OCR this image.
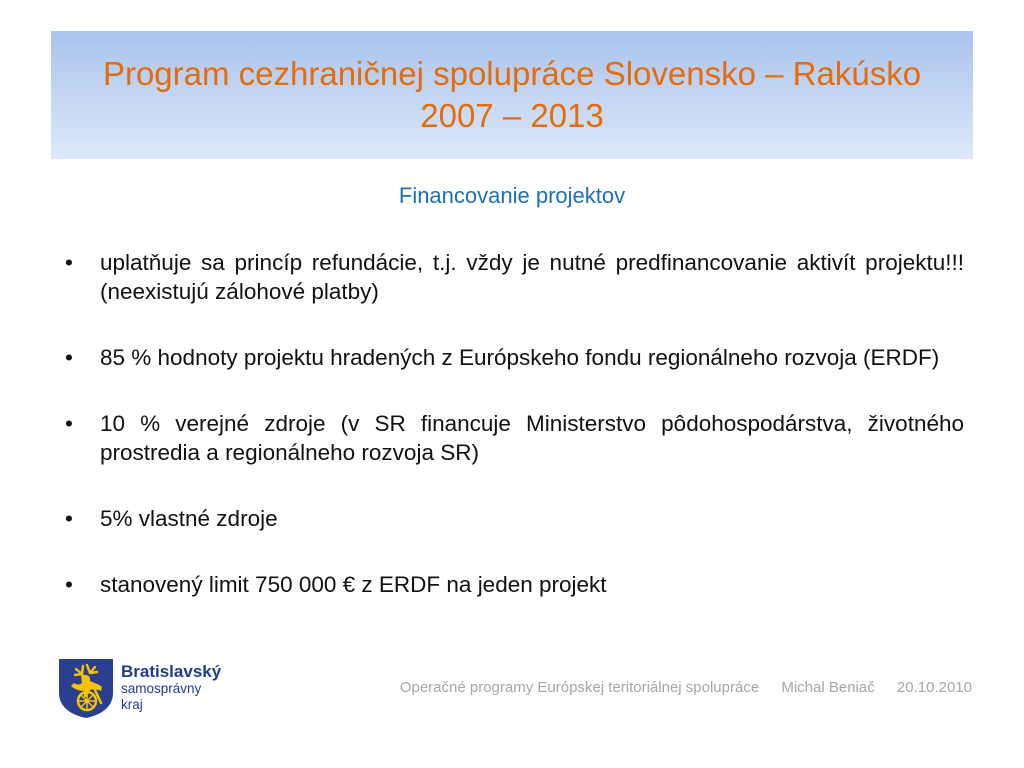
Program cezhraničnej spolupráce Slovensko – Rakúsko
2007 – 2013
Financovanie projektov
• uplatňuje sa princíp refundácie, t.j. vždy je nutné predfinancovanie aktivít projektu!!! (neexistujú zálohové platby)
• 85 % hodnoty projektu hradených z Európskeho fondu regionálneho rozvoja (ERDF)
• 10 % verejné zdroje (v SR financuje Ministerstvo pôdohospodárstva, životného prostredia a regionálneho rozvoja SR)
• 5% vlastné zdroje
• stanovený limit 750 000 € z ERDF na jeden projekt
Bratislavský
samosprávny
kraj
Operačné programy Európskej teritoriálnej spolupráce Michal Beniač 20.10.2010
